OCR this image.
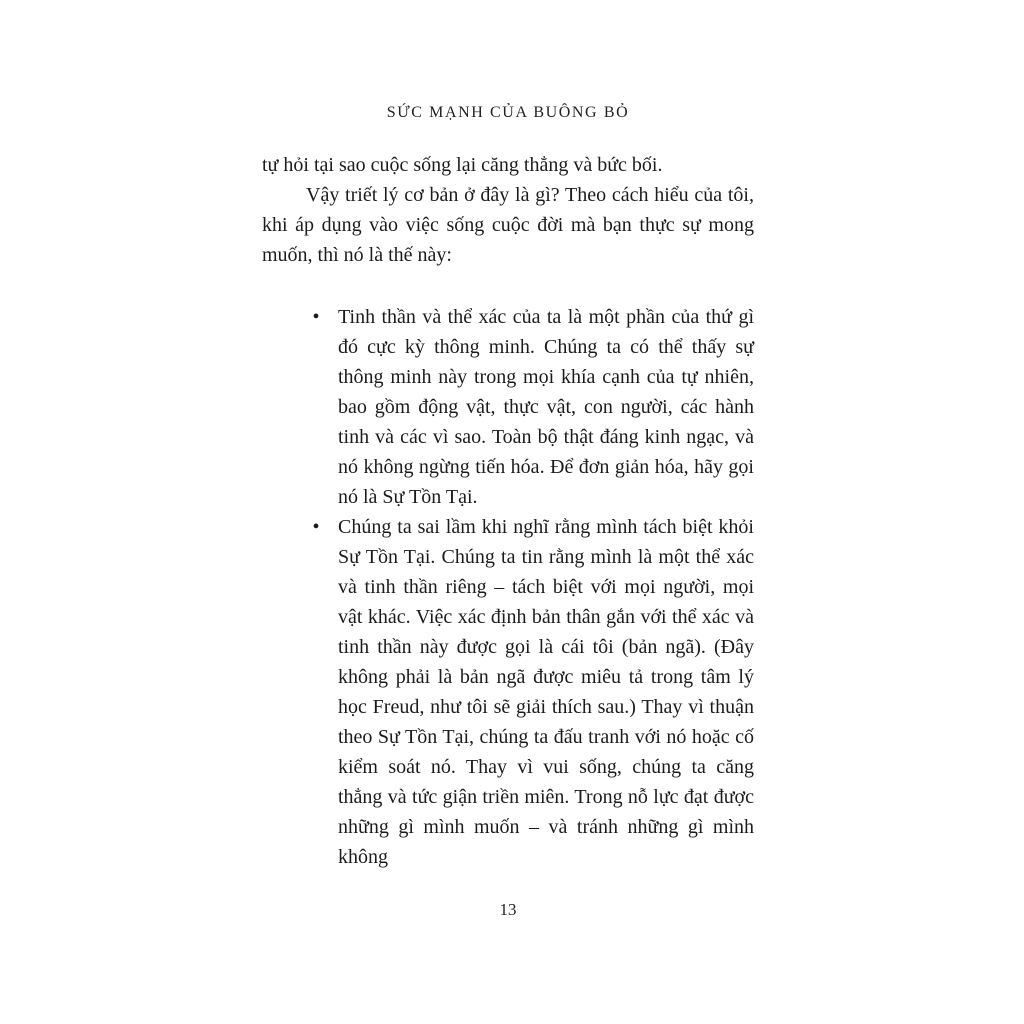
SỨC MẠNH CỦA BUÔNG BỎ

tự hỏi tại sao cuộc sống lại căng thẳng và bức bối.

Vậy triết lý cơ bản ở đây là gì? Theo cách hiểu của tôi, khi áp dụng vào việc sống cuộc đời mà bạn thực sự mong muốn, thì nó là thế này:

• Tinh thần và thể xác của ta là một phần của thứ gì đó cực kỳ thông minh. Chúng ta có thể thấy sự thông minh này trong mọi khía cạnh của tự nhiên, bao gồm động vật, thực vật, con người, các hành tinh và các vì sao. Toàn bộ thật đáng kinh ngạc, và nó không ngừng tiến hóa. Để đơn giản hóa, hãy gọi nó là Sự Tồn Tại.
• Chúng ta sai lầm khi nghĩ rằng mình tách biệt khỏi Sự Tồn Tại. Chúng ta tin rằng mình là một thể xác và tinh thần riêng – tách biệt với mọi người, mọi vật khác. Việc xác định bản thân gắn với thể xác và tinh thần này được gọi là cái tôi (bản ngã). (Đây không phải là bản ngã được miêu tả trong tâm lý học Freud, như tôi sẽ giải thích sau.) Thay vì thuận theo Sự Tồn Tại, chúng ta đấu tranh với nó hoặc cố kiểm soát nó. Thay vì vui sống, chúng ta căng thẳng và tức giận triền miên. Trong nỗ lực đạt được những gì mình muốn – và tránh những gì mình không
13
